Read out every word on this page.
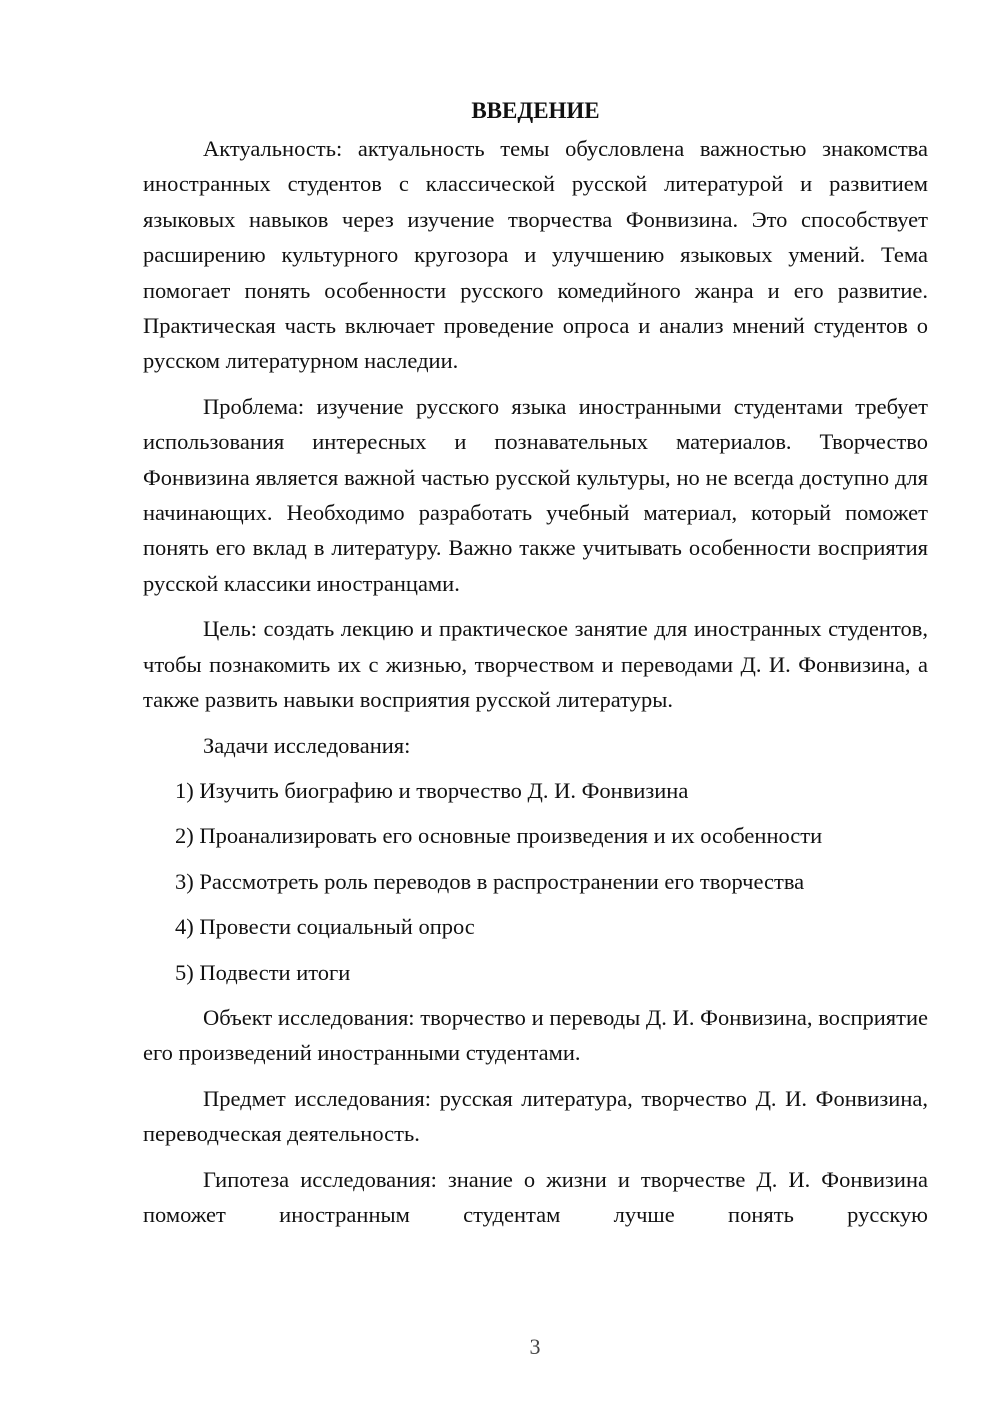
ВВЕДЕНИЕ

Актуальность: актуальность темы обусловлена важностью знакомства иностранных студентов с классической русской литературой и развитием языковых навыков через изучение творчества Фонвизина. Это способствует расширению культурного кругозора и улучшению языковых умений. Тема помогает понять особенности русского комедийного жанра и его развитие. Практическая часть включает проведение опроса и анализ мнений студентов о русском литературном наследии.

Проблема: изучение русского языка иностранными студентами требует использования интересных и познавательных материалов. Творчество Фонвизина является важной частью русской культуры, но не всегда доступно для начинающих. Необходимо разработать учебный материал, который поможет понять его вклад в литературу. Важно также учитывать особенности восприятия русской классики иностранцами.

Цель: создать лекцию и практическое занятие для иностранных студентов, чтобы познакомить их с жизнью, творчеством и переводами Д. И. Фонвизина, а также развить навыки восприятия русской литературы.

Задачи исследования:
1) Изучить биографию и творчество Д. И. Фонвизина
2) Проанализировать его основные произведения и их особенности
3) Рассмотреть роль переводов в распространении его творчества
4) Провести социальный опрос
5) Подвести итоги

Объект исследования: творчество и переводы Д. И. Фонвизина, восприятие его произведений иностранными студентами.

Предмет исследования: русская литература, творчество Д. И. Фонвизина, переводческая деятельность.

Гипотеза исследования: знание о жизни и творчестве Д. И. Фонвизина поможет иностранным студентам лучше понять русскую

3
